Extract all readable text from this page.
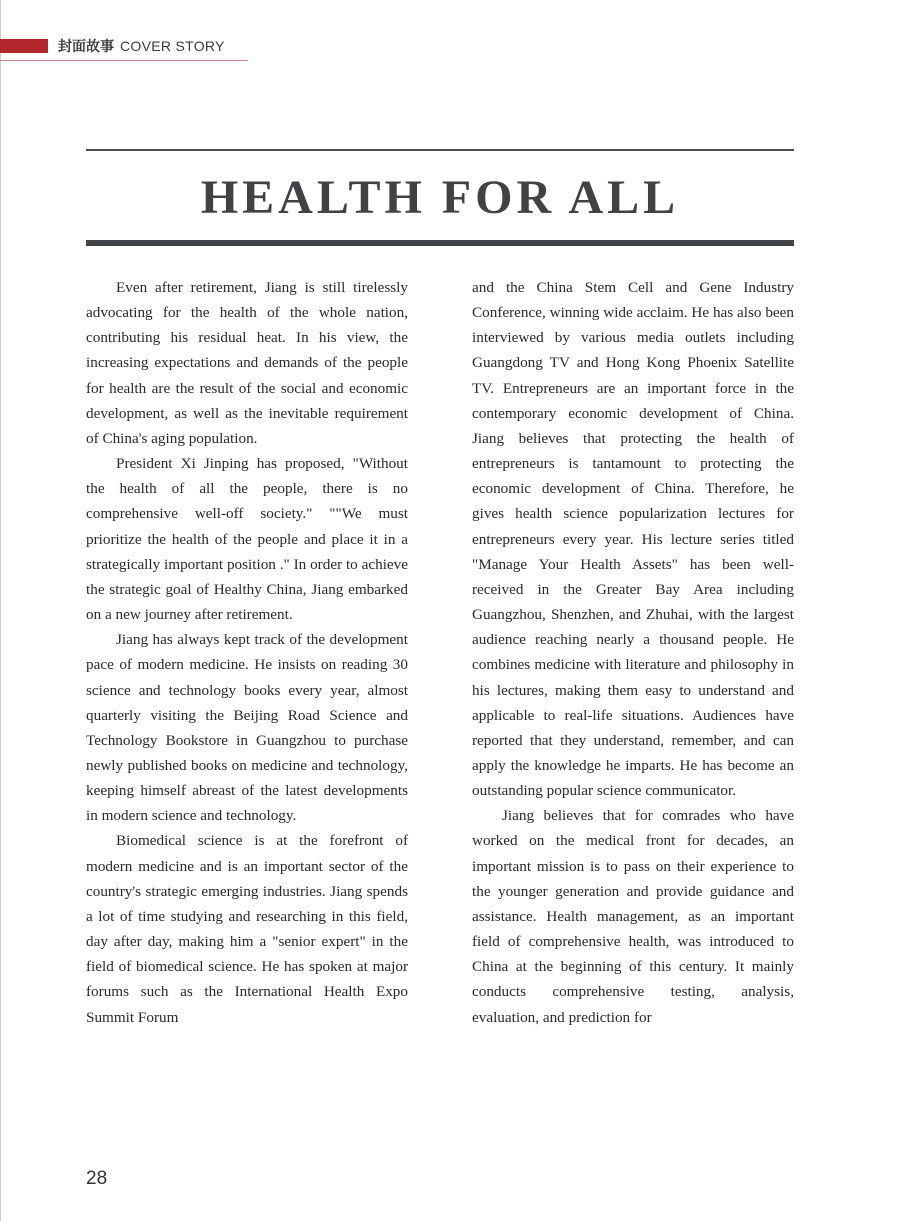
封面故事 COVER STORY
HEALTH FOR ALL

Even after retirement, Jiang is still tirelessly advocating for the health of the whole nation, contributing his residual heat. In his view, the increasing expectations and demands of the people for health are the result of the social and economic development, as well as the inevitable requirement of China's aging population.

President Xi Jinping has proposed, "Without the health of all the people, there is no comprehensive well-off society." ""We must prioritize the health of the people and place it in a strategically important position ." In order to achieve the strategic goal of Healthy China, Jiang embarked on a new journey after retirement.

Jiang has always kept track of the development pace of modern medicine. He insists on reading 30 science and technology books every year, almost quarterly visiting the Beijing Road Science and Technology Bookstore in Guangzhou to purchase newly published books on medicine and technology, keeping himself abreast of the latest developments in modern science and technology.

Biomedical science is at the forefront of modern medicine and is an important sector of the country's strategic emerging industries. Jiang spends a lot of time studying and researching in this field, day after day, making him a "senior expert" in the field of biomedical science. He has spoken at major forums such as the International Health Expo Summit Forum

and the China Stem Cell and Gene Industry Conference, winning wide acclaim. He has also been interviewed by various media outlets including Guangdong TV and Hong Kong Phoenix Satellite TV. Entrepreneurs are an important force in the contemporary economic development of China. Jiang believes that protecting the health of entrepreneurs is tantamount to protecting the economic development of China. Therefore, he gives health science popularization lectures for entrepreneurs every year. His lecture series titled "Manage Your Health Assets" has been well-received in the Greater Bay Area including Guangzhou, Shenzhen, and Zhuhai, with the largest audience reaching nearly a thousand people. He combines medicine with literature and philosophy in his lectures, making them easy to understand and applicable to real-life situations. Audiences have reported that they understand, remember, and can apply the knowledge he imparts. He has become an outstanding popular science communicator.

Jiang believes that for comrades who have worked on the medical front for decades, an important mission is to pass on their experience to the younger generation and provide guidance and assistance. Health management, as an important field of comprehensive health, was introduced to China at the beginning of this century. It mainly conducts comprehensive testing, analysis, evaluation, and prediction for

28
